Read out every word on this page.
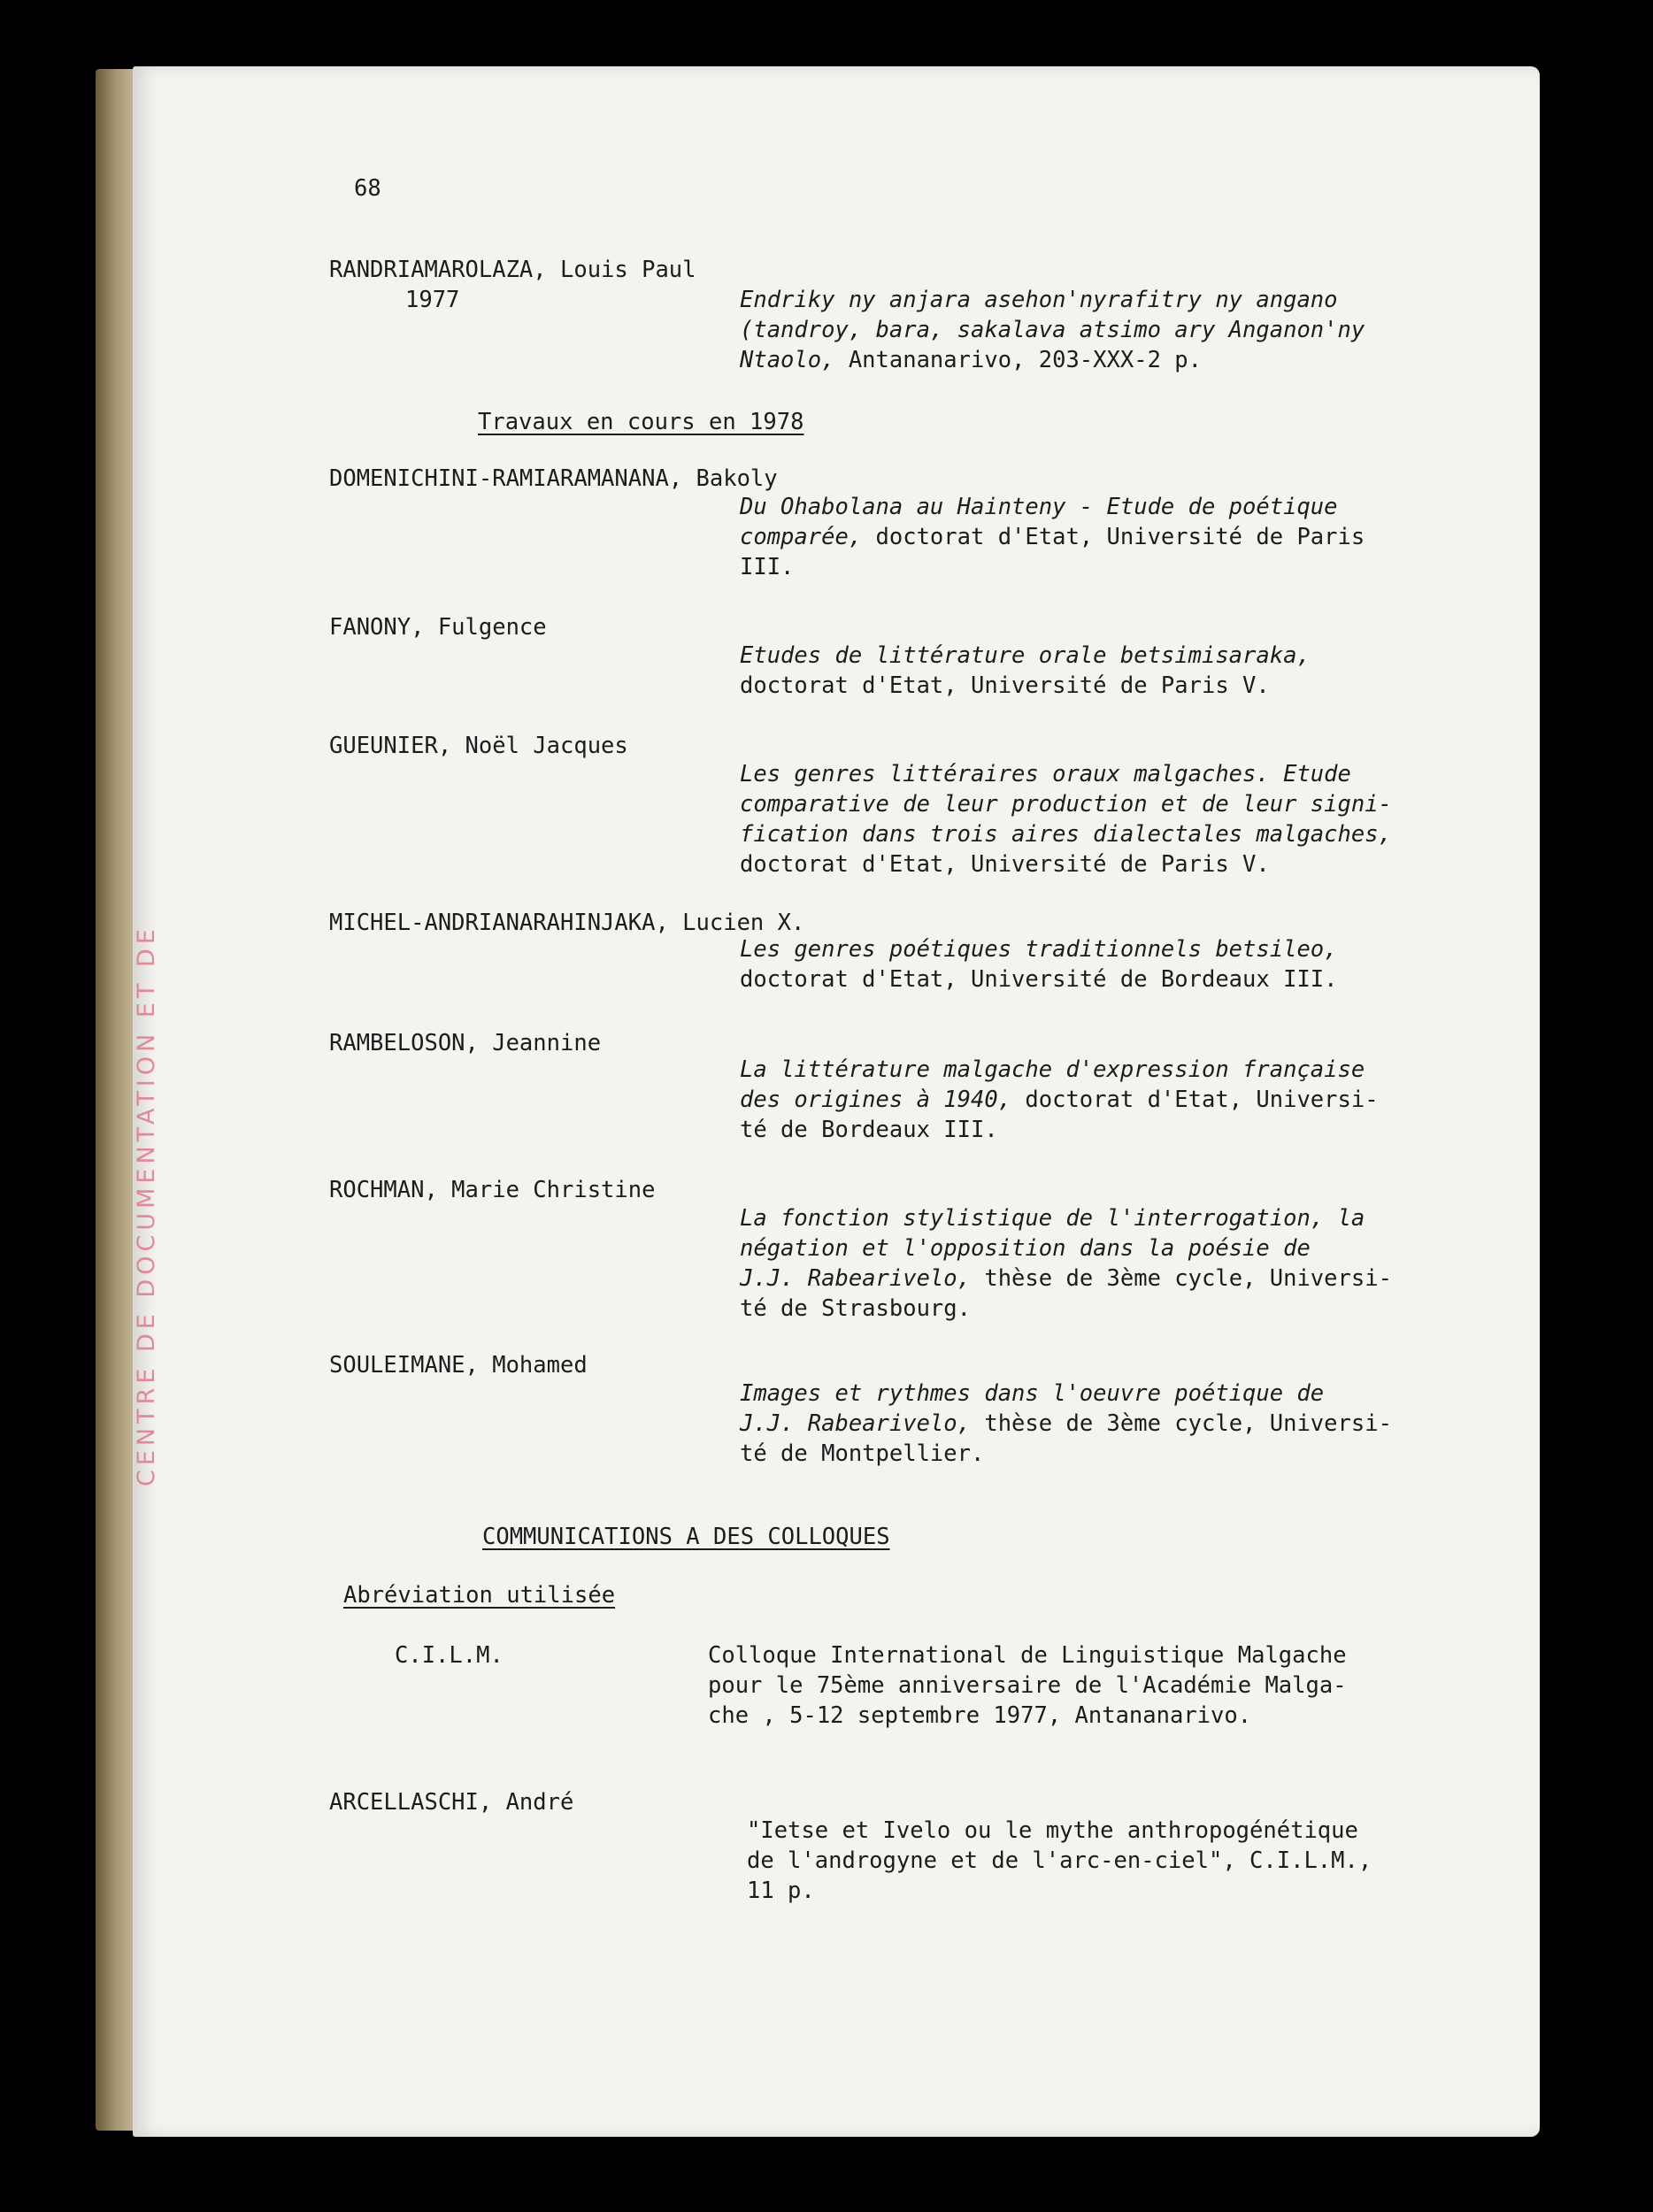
CENTRE DE DOCUMENTATION ET DE
68
RANDRIAMAROLAZA, Louis Paul
1977	Endriky ny anjara asehon'nyrafitry ny angano
(tandroy, bara, sakalava atsimo ary Anganon'ny
Ntaolo, Antananarivo, 203-XXX-2 p.
Travaux en cours en 1978
DOMENICHINI-RAMIARAMANANA, Bakoly
Du Ohabolana au Hainteny - Etude de poétique
comparée, doctorat d'Etat, Université de Paris
III.
FANONY, Fulgence
Etudes de littérature orale betsimisaraka,
doctorat d'Etat, Université de Paris V.
GUEUNIER, Noël Jacques
Les genres littéraires oraux malgaches. Etude
comparative de leur production et de leur signi-
fication dans trois aires dialectales malgaches,
doctorat d'Etat, Université de Paris V.
MICHEL-ANDRIANARAHINJAKA, Lucien X.
Les genres poétiques traditionnels betsileo,
doctorat d'Etat, Université de Bordeaux III.
RAMBELOSON, Jeannine
La littérature malgache d'expression française
des origines à 1940, doctorat d'Etat, Universi-
té de Bordeaux III.
ROCHMAN, Marie Christine
La fonction stylistique de l'interrogation, la
négation et l'opposition dans la poésie de
J.J. Rabearivelo, thèse de 3ème cycle, Universi-
té de Strasbourg.
SOULEIMANE, Mohamed
Images et rythmes dans l'oeuvre poétique de
J.J. Rabearivelo, thèse de 3ème cycle, Universi-
té de Montpellier.
COMMUNICATIONS A DES COLLOQUES
Abréviation utilisée
C.I.L.M.	Colloque International de Linguistique Malgache
pour le 75ème anniversaire de l'Académie Malga-
che , 5-12 septembre 1977, Antananarivo.
ARCELLASCHI, André
"Ietse et Ivelo ou le mythe anthropogénétique
de l'androgyne et de l'arc-en-ciel", C.I.L.M.,
11 p.
